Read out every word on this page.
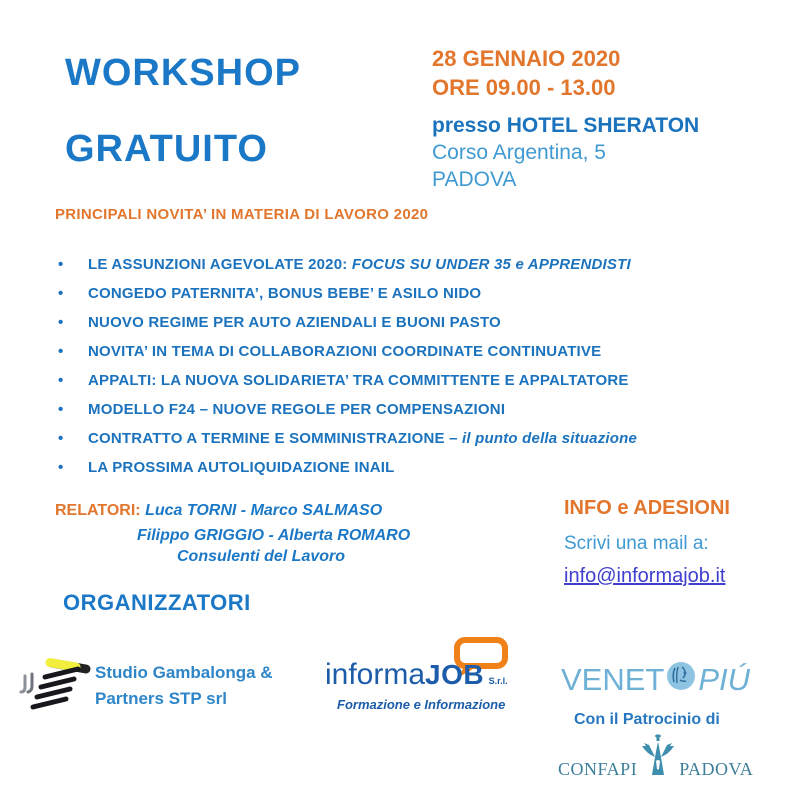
WORKSHOP
GRATUITO
28 GENNAIO 2020
ORE 09.00 - 13.00
presso HOTEL SHERATON
Corso Argentina, 5
PADOVA
PRINCIPALI NOVITA’ IN MATERIA DI LAVORO 2020
• LE ASSUNZIONI AGEVOLATE 2020: FOCUS SU UNDER 35 e APPRENDISTI
• CONGEDO PATERNITA’, BONUS BEBE’ E ASILO NIDO
• NUOVO REGIME PER AUTO AZIENDALI E BUONI PASTO
• NOVITA’ IN TEMA DI COLLABORAZIONI COORDINATE CONTINUATIVE
• APPALTI: LA NUOVA SOLIDARIETA’ TRA COMMITTENTE E APPALTATORE
• MODELLO F24 – NUOVE REGOLE PER COMPENSAZIONI
• CONTRATTO A TERMINE E SOMMINISTRAZIONE – il punto della situazione
• LA PROSSIMA AUTOLIQUIDAZIONE INAIL
RELATORI: Luca TORNI - Marco SALMASO
Filippo GRIGGIO - Alberta ROMARO
Consulenti del Lavoro
INFO e ADESIONI
Scrivi una mail a:
info@informajob.it
ORGANIZZATORI
Studio Gambalonga &
Partners STP srl
informaJOB S.r.l.
Formazione e Informazione
VENET PIÚ
Con il Patrocinio di
CONFAPI PADOVA
